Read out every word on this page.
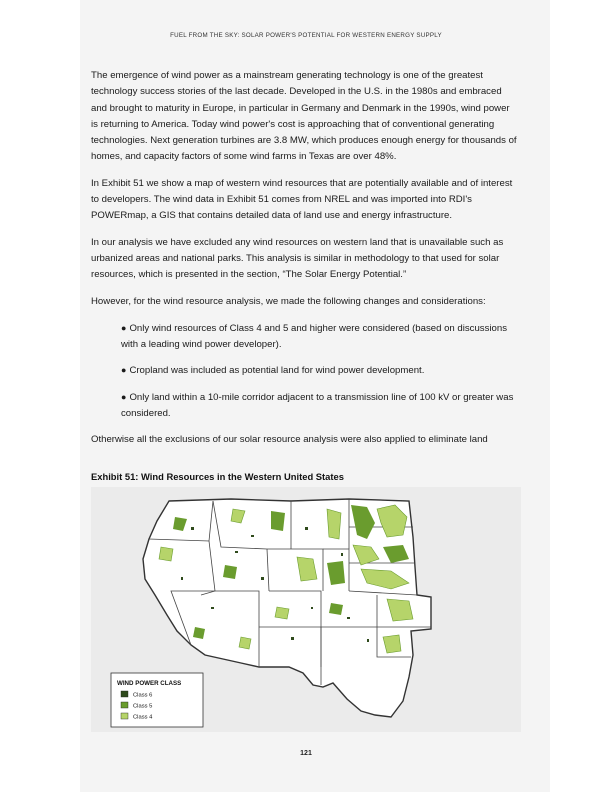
FUEL FROM THE SKY: SOLAR POWER'S POTENTIAL FOR WESTERN ENERGY SUPPLY

The emergence of wind power as a mainstream generating technology is one of the greatest technology success stories of the last decade. Developed in the U.S. in the 1980s and embraced and brought to maturity in Europe, in particular in Germany and Denmark in the 1990s, wind power is returning to America. Today wind power's cost is approaching that of conventional generating technologies. Next generation turbines are 3.8 MW, which produces enough energy for thousands of homes, and capacity factors of some wind farms in Texas are over 48%.

In Exhibit 51 we show a map of western wind resources that are potentially available and of interest to developers. The wind data in Exhibit 51 comes from NREL and was imported into RDI's POWERmap, a GIS that contains detailed data of land use and energy infrastructure.

In our analysis we have excluded any wind resources on western land that is unavailable such as urbanized areas and national parks. This analysis is similar in methodology to that used for solar resources, which is presented in the section, “The Solar Energy Potential.”

However, for the wind resource analysis, we made the following changes and considerations:

● Only wind resources of Class 4 and 5 and higher were considered (based on discussions with a leading wind power developer).
● Cropland was included as potential land for wind power development.
● Only land within a 10-mile corridor adjacent to a transmission line of 100 kV or greater was considered.

Otherwise all the exclusions of our solar resource analysis were also applied to eliminate land

Exhibit 51: Wind Resources in the Western United States
WIND POWER CLASS
Class 6
Class 5
Class 4
121
